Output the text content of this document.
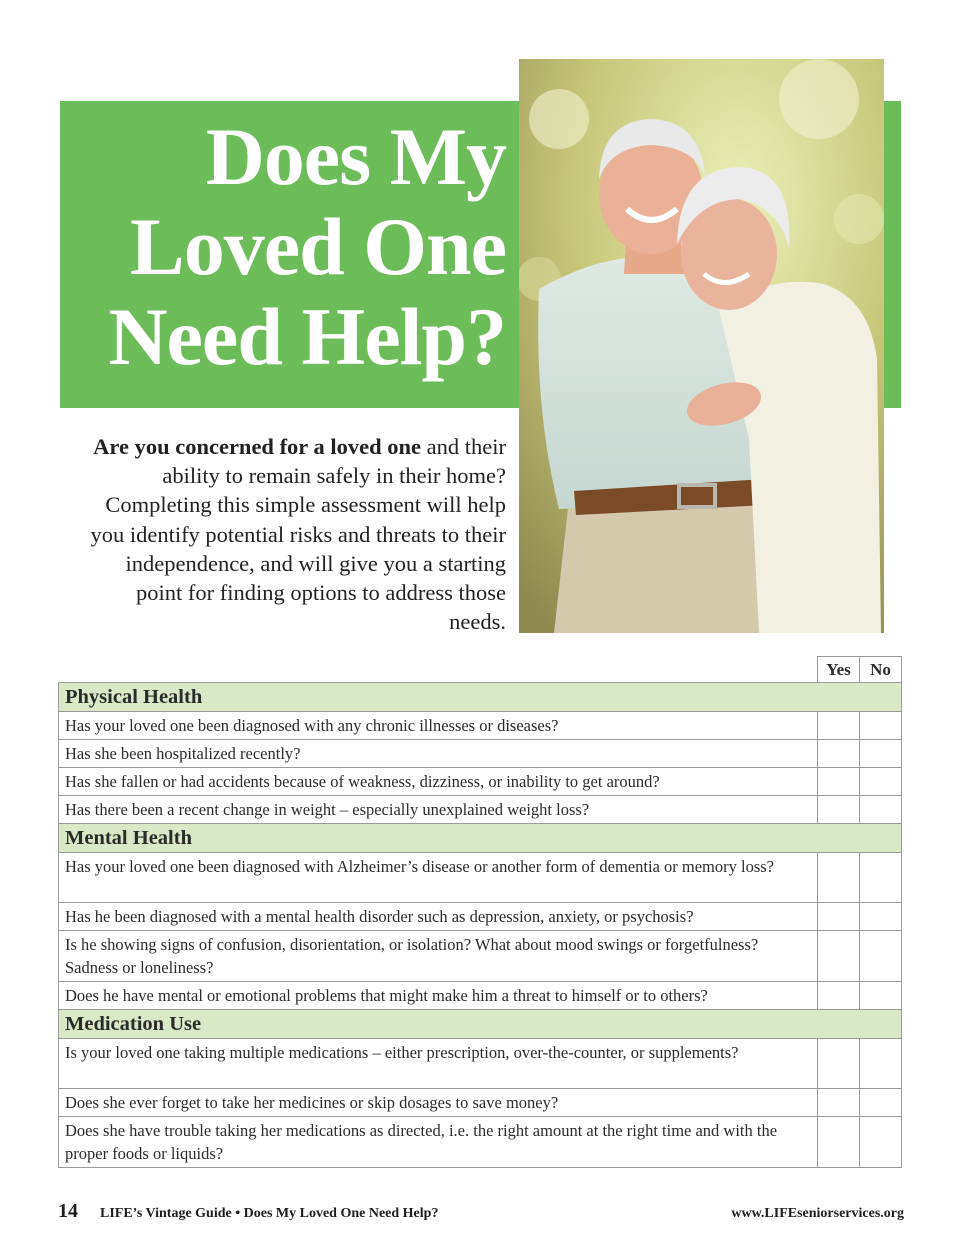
Does My
Loved One
Need Help?

Are you concerned for a loved one and their ability to remain safely in their home? Completing this simple assessment will help you identify potential risks and threats to their independence, and will give you a starting point for finding options to address those needs.

	Yes	No
Physical Health		
Has your loved one been diagnosed with any chronic illnesses or diseases?		
Has she been hospitalized recently?		
Has she fallen or had accidents because of weakness, dizziness, or inability to get around?		
Has there been a recent change in weight – especially unexplained weight loss?		
Mental Health		
Has your loved one been diagnosed with Alzheimer’s disease or another form of dementia or memory loss?		
Has he been diagnosed with a mental health disorder such as depression, anxiety, or psychosis?		
Is he showing signs of confusion, disorientation, or isolation? What about mood swings or forgetfulness? Sadness or loneliness?		
Does he have mental or emotional problems that might make him a threat to himself or to others?		
Medication Use		
Is your loved one taking multiple medications – either prescription, over-the-counter, or supplements?		
Does she ever forget to take her medicines or skip dosages to save money?		
Does she have trouble taking her medications as directed, i.e. the right amount at the right time and with the proper foods or liquids?		
14 LIFE’s Vintage Guide • Does My Loved One Need Help?	www.LIFEseniorservices.org
